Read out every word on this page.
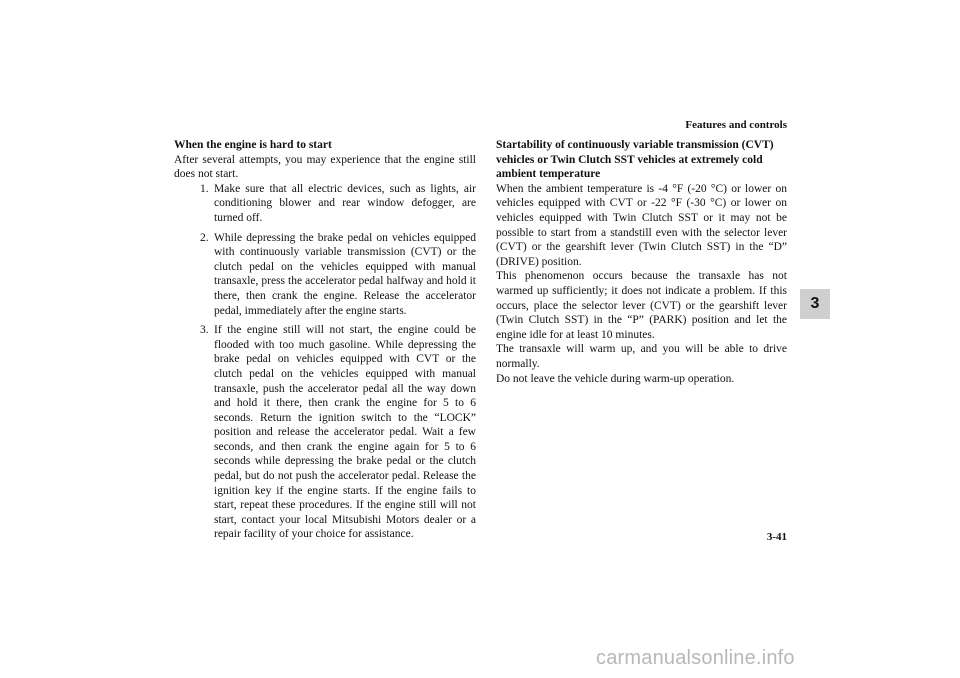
Features and controls
3

When the engine is hard to start

After several attempts, you may experience that the engine still does not start.

1. Make sure that all electric devices, such as lights, air conditioning blower and rear window defogger, are turned off.
2. While depressing the brake pedal on vehicles equipped with continuously variable transmission (CVT) or the clutch pedal on the vehicles equipped with manual transaxle, press the accelerator pedal halfway and hold it there, then crank the engine. Release the accelerator pedal, immediately after the engine starts.
3. If the engine still will not start, the engine could be flooded with too much gasoline. While depressing the brake pedal on vehicles equipped with CVT or the clutch pedal on the vehicles equipped with manual transaxle, push the accelerator pedal all the way down and hold it there, then crank the engine for 5 to 6 seconds. Return the ignition switch to the “LOCK” position and release the accelerator pedal. Wait a few seconds, and then crank the engine again for 5 to 6 seconds while depressing the brake pedal or the clutch pedal, but do not push the accelerator pedal. Release the ignition key if the engine starts. If the engine fails to start, repeat these procedures. If the engine still will not start, contact your local Mitsubishi Motors dealer or a repair facility of your choice for assistance.

Startability of continuously variable transmission (CVT) vehicles or Twin Clutch SST vehicles at extremely cold ambient temperature

When the ambient temperature is -4 °F (-20 °C) or lower on vehicles equipped with CVT or -22 °F (-30 °C) or lower on vehicles equipped with Twin Clutch SST or it may not be possible to start from a standstill even with the selector lever (CVT) or the gearshift lever (Twin Clutch SST) in the “D” (DRIVE) position.

This phenomenon occurs because the transaxle has not warmed up sufficiently; it does not indicate a problem. If this occurs, place the selector lever (CVT) or the gearshift lever (Twin Clutch SST) in the “P” (PARK) position and let the engine idle for at least 10 minutes.

The transaxle will warm up, and you will be able to drive normally.

Do not leave the vehicle during warm-up operation.

3-41
carmanualsonline.info
